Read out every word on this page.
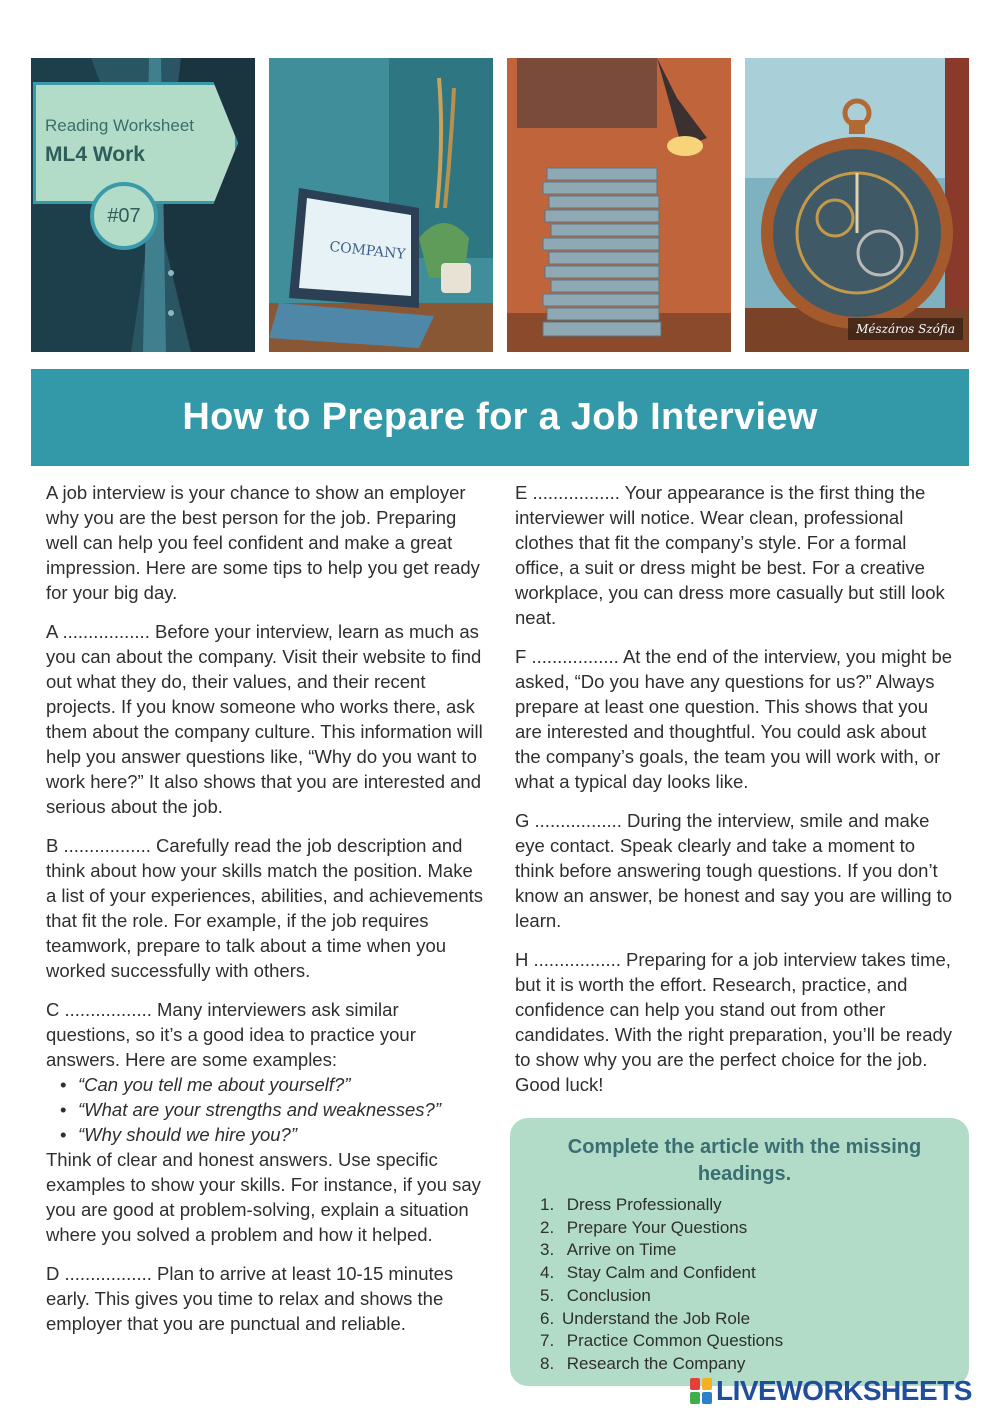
COMPANY
Mészáros Szófia
Reading Worksheet
ML4 Work
#07
How to Prepare for a Job Interview

A job interview is your chance to show an employer why you are the best person for the job. Preparing well can help you feel confident and make a great impression. Here are some tips to help you get ready for your big day.

A ................. Before your interview, learn as much as you can about the company. Visit their website to find out what they do, their values, and their recent projects. If you know someone who works there, ask them about the company culture. This information will help you answer questions like, “Why do you want to work here?” It also shows that you are interested and serious about the job.

B ................. Carefully read the job description and think about how your skills match the position. Make a list of your experiences, abilities, and achievements that fit the role. For example, if the job requires teamwork, prepare to talk about a time when you worked successfully with others.

C ................. Many interviewers ask similar questions, so it’s a good idea to practice your answers. Here are some examples:
• “Can you tell me about yourself?”
• “What are your strengths and weaknesses?”
• “Why should we hire you?”
Think of clear and honest answers. Use specific examples to show your skills. For instance, if you say you are good at problem-solving, explain a situation where you solved a problem and how it helped.

D ................. Plan to arrive at least 10-15 minutes early. This gives you time to relax and shows the employer that you are punctual and reliable.

E ................. Your appearance is the first thing the interviewer will notice. Wear clean, professional clothes that fit the company’s style. For a formal office, a suit or dress might be best. For a creative workplace, you can dress more casually but still look neat.

F ................. At the end of the interview, you might be asked, “Do you have any questions for us?” Always prepare at least one question. This shows that you are interested and thoughtful. You could ask about the company’s goals, the team you will work with, or what a typical day looks like.

G ................. During the interview, smile and make eye contact. Speak clearly and take a moment to think before answering tough questions. If you don’t know an answer, be honest and say you are willing to learn.

H ................. Preparing for a job interview takes time, but it is worth the effort. Research, practice, and confidence can help you stand out from other candidates. With the right preparation, you’ll be ready to show why you are the perfect choice for the job. Good luck!

Complete the article with the missing headings.
1.
Dress Professionally
2.
Prepare Your Questions
3.
Arrive on Time
4.
Stay Calm and Confident
5.
Conclusion
6. Understand the Job Role
7.
Practice Common Questions
8.
Research the Company
LIVEWORKSHEETS
